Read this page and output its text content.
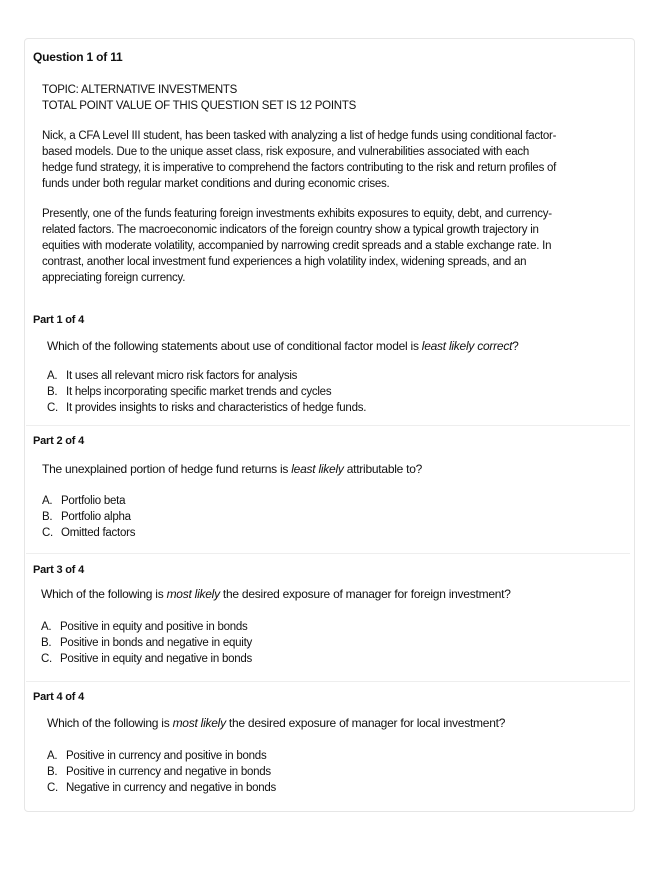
Question 1 of 11
TOPIC: ALTERNATIVE INVESTMENTS
TOTAL POINT VALUE OF THIS QUESTION SET IS 12 POINTS

Nick, a CFA Level III student, has been tasked with analyzing a list of hedge funds using conditional factor-based models. Due to the unique asset class, risk exposure, and vulnerabilities associated with each hedge fund strategy, it is imperative to comprehend the factors contributing to the risk and return profiles of funds under both regular market conditions and during economic crises.

Presently, one of the funds featuring foreign investments exhibits exposures to equity, debt, and currency-related factors. The macroeconomic indicators of the foreign country show a typical growth trajectory in equities with moderate volatility, accompanied by narrowing credit spreads and a stable exchange rate. In contrast, another local investment fund experiences a high volatility index, widening spreads, and an appreciating foreign currency.

Part 1 of 4
Which of the following statements about use of conditional factor model is least likely correct?
A. It uses all relevant micro risk factors for analysis
B. It helps incorporating specific market trends and cycles
C. It provides insights to risks and characteristics of hedge funds.
Part 2 of 4
The unexplained portion of hedge fund returns is least likely attributable to?
A. Portfolio beta
B. Portfolio alpha
C. Omitted factors
Part 3 of 4
Which of the following is most likely the desired exposure of manager for foreign investment?
A. Positive in equity and positive in bonds
B. Positive in bonds and negative in equity
C. Positive in equity and negative in bonds
Part 4 of 4
Which of the following is most likely the desired exposure of manager for local investment?
A. Positive in currency and positive in bonds
B. Positive in currency and negative in bonds
C. Negative in currency and negative in bonds
